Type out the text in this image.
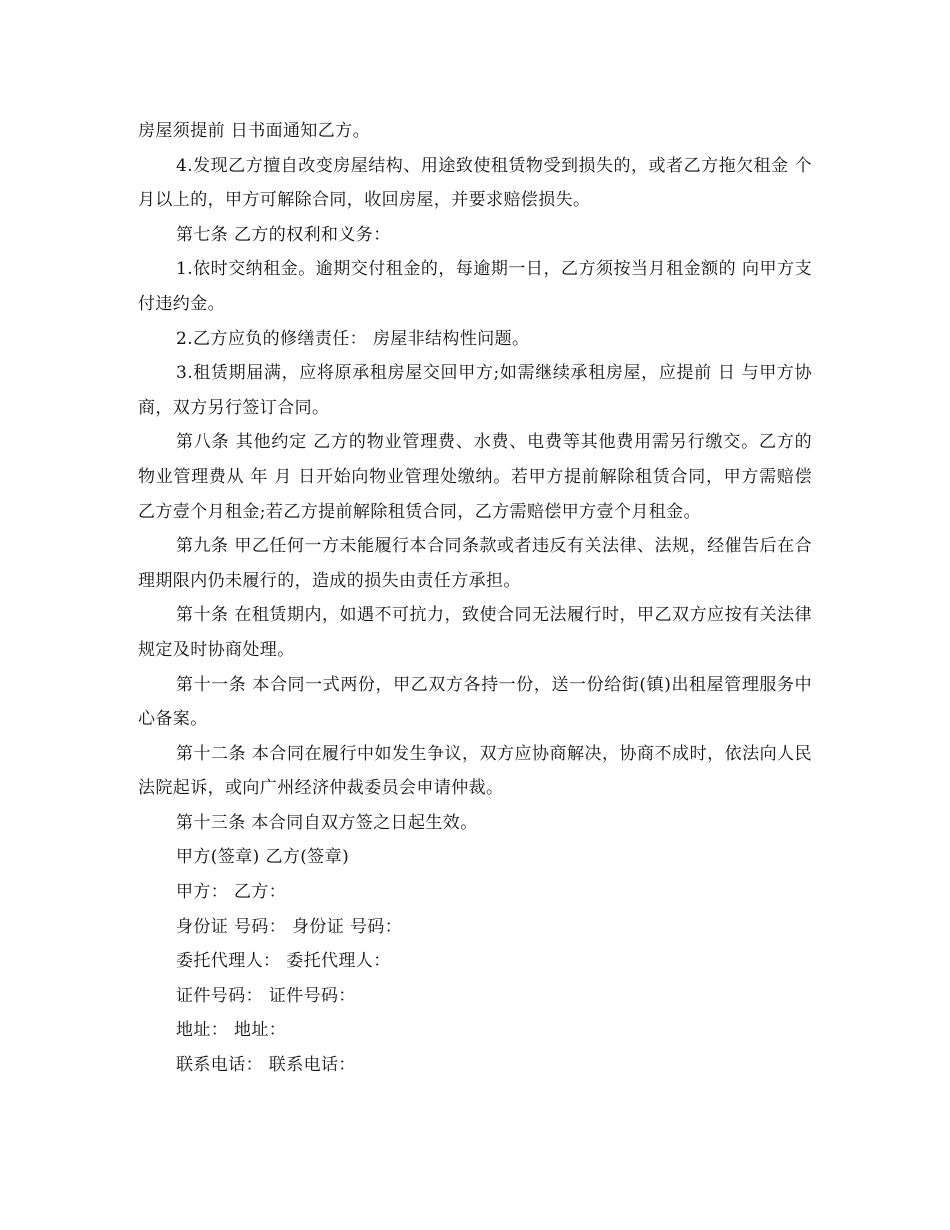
房屋须提前 日书面通知乙方。

4.发现乙方擅自改变房屋结构、用途致使租赁物受到损失的，或者乙方拖欠租金 个月以上的，甲方可解除合同，收回房屋，并要求赔偿损失。

第七条 乙方的权利和义务：

1.依时交纳租金。逾期交付租金的，每逾期一日，乙方须按当月租金额的 向甲方支付违约金。

2.乙方应负的修缮责任： 房屋非结构性问题。

3.租赁期届满，应将原承租房屋交回甲方;如需继续承租房屋，应提前 日 与甲方协商，双方另行签订合同。

第八条 其他约定 乙方的物业管理费、水费、电费等其他费用需另行缴交。乙方的物业管理费从 年 月 日开始向物业管理处缴纳。若甲方提前解除租赁合同，甲方需赔偿乙方壹个月租金;若乙方提前解除租赁合同，乙方需赔偿甲方壹个月租金。

第九条 甲乙任何一方未能履行本合同条款或者违反有关法律、法规，经催告后在合理期限内仍未履行的，造成的损失由责任方承担。

第十条 在租赁期内，如遇不可抗力，致使合同无法履行时，甲乙双方应按有关法律规定及时协商处理。

第十一条 本合同一式两份，甲乙双方各持一份，送一份给街(镇)出租屋管理服务中心备案。

第十二条 本合同在履行中如发生争议，双方应协商解决，协商不成时，依法向人民法院起诉，或向广州经济仲裁委员会申请仲裁。

第十三条 本合同自双方签之日起生效。

甲方(签章) 乙方(签章)

甲方： 乙方：

身份证 号码： 身份证 号码：

委托代理人： 委托代理人：

证件号码： 证件号码：

地址： 地址：

联系电话： 联系电话：
